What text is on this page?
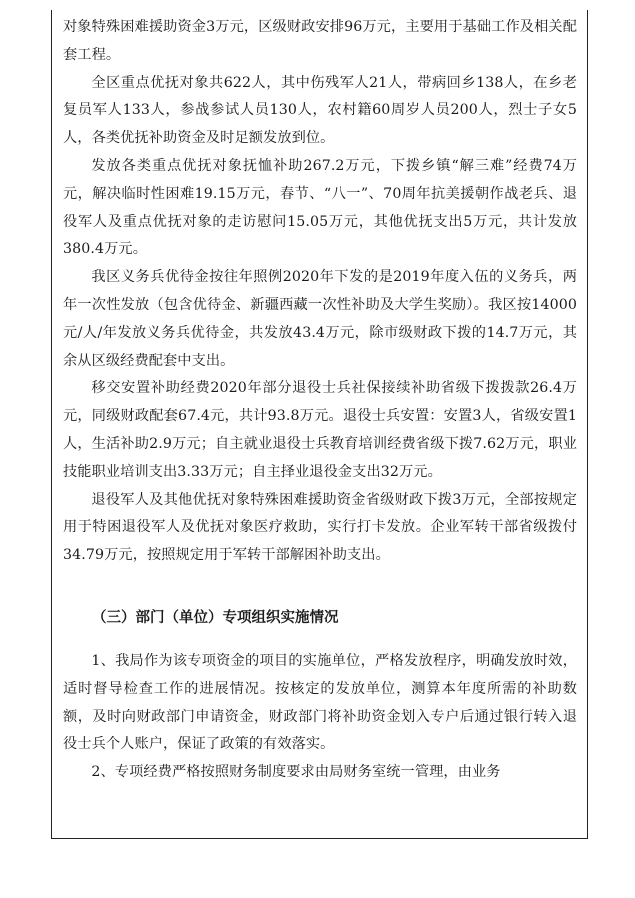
对象特殊困难援助资金3万元，区级财政安排96万元，主要用于基础工作及相关配套工程。

全区重点优抚对象共622人，其中伤残军人21人，带病回乡138人，在乡老复员军人133人，参战参试人员130人，农村籍60周岁人员200人，烈士子女5人，各类优抚补助资金及时足额发放到位。

发放各类重点优抚对象抚恤补助267.2万元，下拨乡镇“解三难”经费74万元，解决临时性困难19.15万元，春节、“八一”、70周年抗美援朝作战老兵、退役军人及重点优抚对象的走访慰问15.05万元，其他优抚支出5万元，共计发放380.4万元。

我区义务兵优待金按往年照例2020年下发的是2019年度入伍的义务兵，两年一次性发放（包含优待金、新疆西藏一次性补助及大学生奖励）。我区按14000元/人/年发放义务兵优待金，共发放43.4万元，除市级财政下拨的14.7万元，其余从区级经费配套中支出。

移交安置补助经费2020年部分退役士兵社保接续补助省级下拨拨款26.4万元，同级财政配套67.4元，共计93.8万元。退役士兵安置：安置3人，省级安置1人，生活补助2.9万元；自主就业退役士兵教育培训经费省级下拨7.62万元，职业技能职业培训支出3.33万元；自主择业退役金支出32万元。

退役军人及其他优抚对象特殊困难援助资金省级财政下拨3万元，全部按规定用于特困退役军人及优抚对象医疗救助，实行打卡发放。企业军转干部省级拨付34.79万元，按照规定用于军转干部解困补助支出。

（三）部门（单位）专项组织实施情况

1、我局作为该专项资金的项目的实施单位，严格发放程序，明确发放时效，适时督导检查工作的进展情况。按核定的发放单位，测算本年度所需的补助数额，及时向财政部门申请资金，财政部门将补助资金划入专户后通过银行转入退役士兵个人账户，保证了政策的有效落实。

2、专项经费严格按照财务制度要求由局财务室统一管理，由业务
